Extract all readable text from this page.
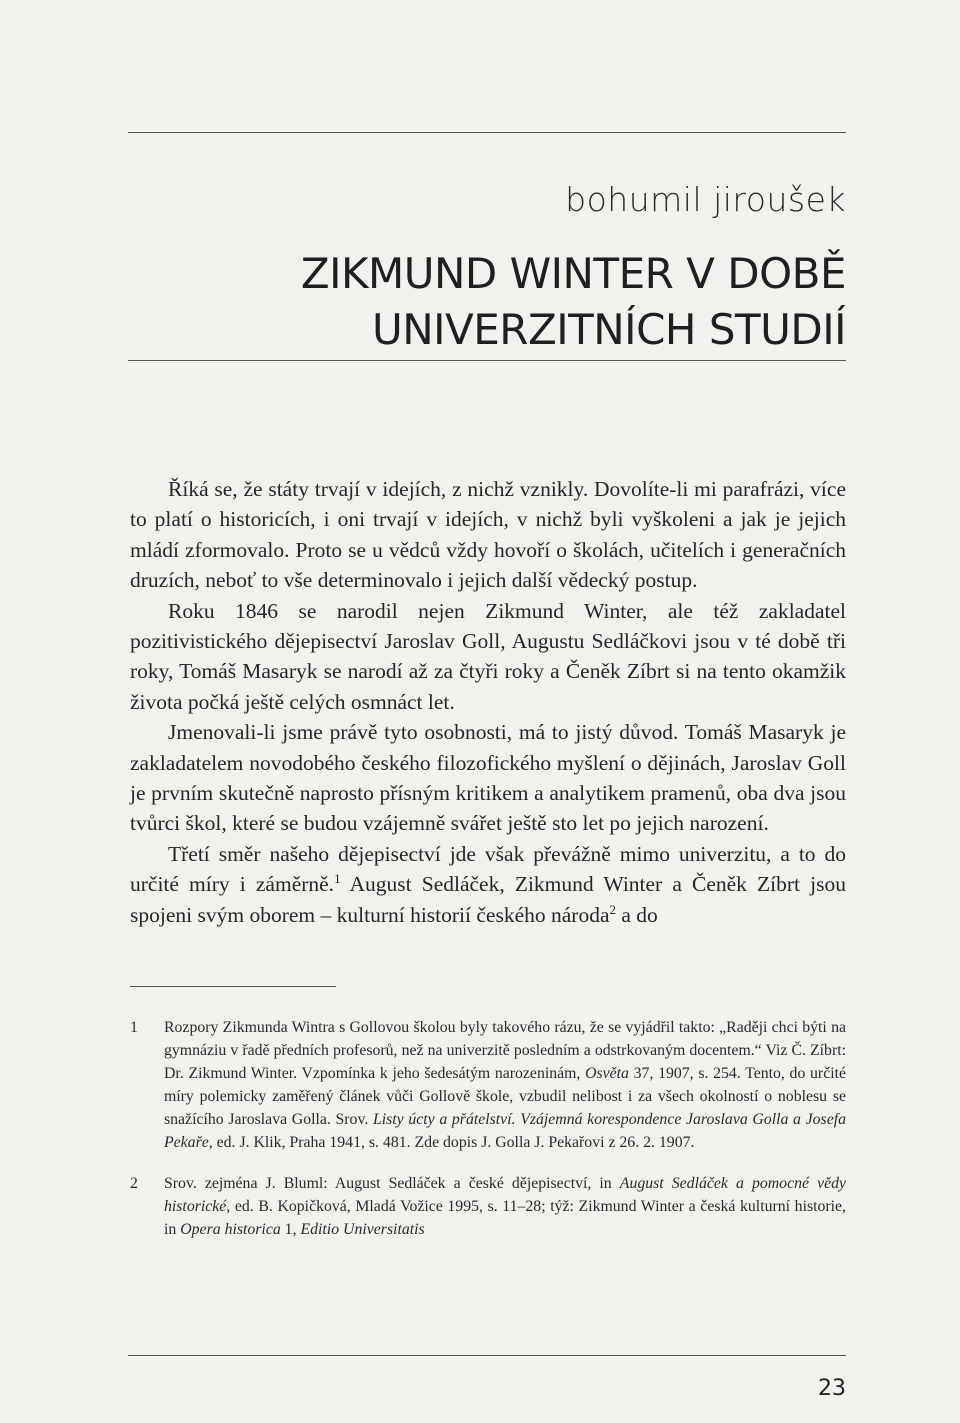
bohumil jiroušek

ZIKMUND WINTER V DOBĚ
UNIVERZITNÍCH STUDIÍ

Říká se, že státy trvají v idejích, z nichž vznikly. Dovolíte-li mi parafrázi, více to platí o historicích, i oni trvají v idejích, v nichž byli vyškoleni a jak je jejich mládí zformovalo. Proto se u vědců vždy hovoří o školách, učitelích i generačních druzích, neboť to vše determinovalo i jejich další vědecký postup.

Roku 1846 se narodil nejen Zikmund Winter, ale též zakladatel pozitivistického dějepisectví Jaroslav Goll, Augustu Sedláčkovi jsou v té době tři roky, Tomáš Masaryk se narodí až za čtyři roky a Čeněk Zíbrt si na tento okamžik života počká ještě celých osmnáct let.

Jmenovali-li jsme právě tyto osobnosti, má to jistý důvod. Tomáš Masaryk je zakladatelem novodobého českého filozofického myšlení o dějinách, Jaroslav Goll je prvním skutečně naprosto přísným kritikem a analytikem pramenů, oba dva jsou tvůrci škol, které se budou vzájemně svářet ještě sto let po jejich narození.

Třetí směr našeho dějepisectví jde však převážně mimo univerzitu, a to do určité míry i záměrně.$^1$ August Sedláček, Zikmund Winter a Čeněk Zíbrt jsou spojeni svým oborem – kulturní historií českého národa$^2$ a do

1	Rozpory Zikmunda Wintra s Gollovou školou byly takového rázu, že se vyjádřil takto: „Raději chci býti na gymnáziu v řadě předních profesorů, než na univerzitě posledním a odstrkovaným docentem.“ Viz Č. Zíbrt: Dr. Zikmund Winter. Vzpomínka k jeho šedesátým narozeninám, Osvěta 37, 1907, s. 254. Tento, do určité míry polemicky zaměřený článek vůči Gollově škole, vzbudil nelibost i za všech okolností o noblesu se snažícího Jaroslava Golla. Srov. Listy úcty a přátelství. Vzájemná korespondence Jaroslava Golla a Josefa Pekaře, ed. J. Klik, Praha 1941, s. 481. Zde dopis J. Golla J. Pekařovi z 26. 2. 1907.
2	Srov. zejména J. Bluml: August Sedláček a české dějepisectví, in August Sedláček a pomocné vědy historické, ed. B. Kopičková, Mladá Vožice 1995, s. 11–28; týž: Zikmund Winter a česká kulturní historie, in Opera historica 1, Editio Universitatis

23
